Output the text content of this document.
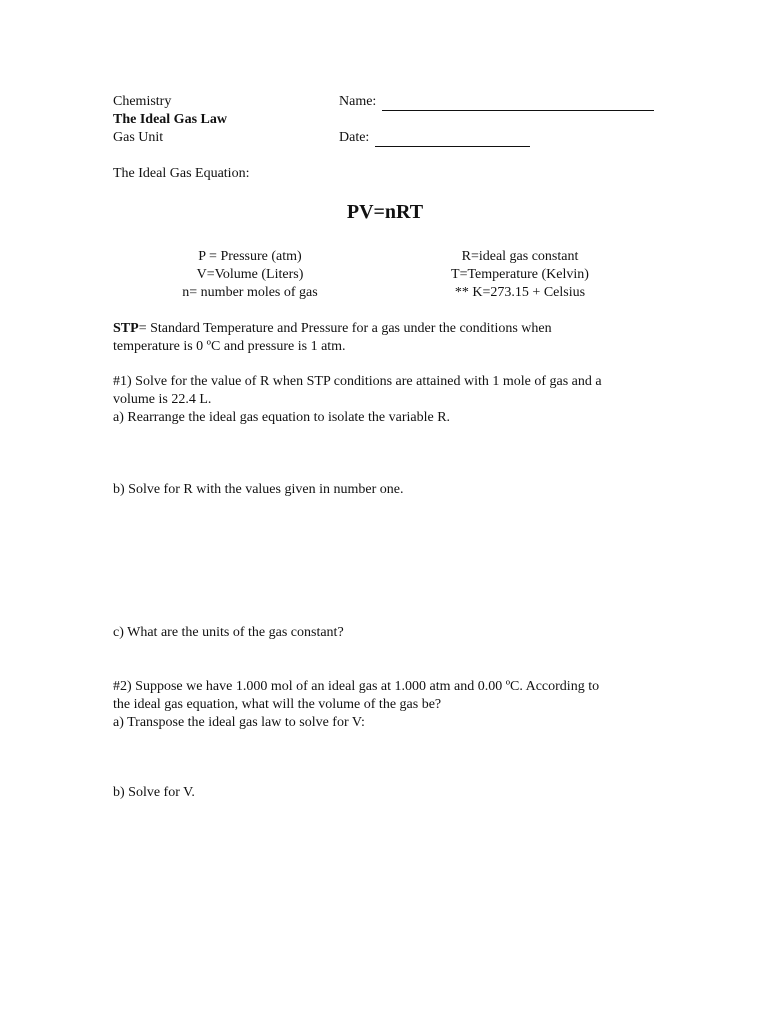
Chemistry
The Ideal Gas Law
Gas Unit
Name:
Date:
The Ideal Gas Equation:
PV=nRT
P = Pressure (atm)
V=Volume (Liters)
n= number moles of gas
R=ideal gas constant
T=Temperature (Kelvin)
** K=273.15 + Celsius
STP= Standard Temperature and Pressure for a gas under the conditions when
temperature is 0 ºC and pressure is 1 atm.
#1) Solve for the value of R when STP conditions are attained with 1 mole of gas and a
volume is 22.4 L.
a) Rearrange the ideal gas equation to isolate the variable R.
b) Solve for R with the values given in number one.
c) What are the units of the gas constant?
#2) Suppose we have 1.000 mol of an ideal gas at 1.000 atm and 0.00 ºC. According to
the ideal gas equation, what will the volume of the gas be?
a) Transpose the ideal gas law to solve for V:
b) Solve for V.
